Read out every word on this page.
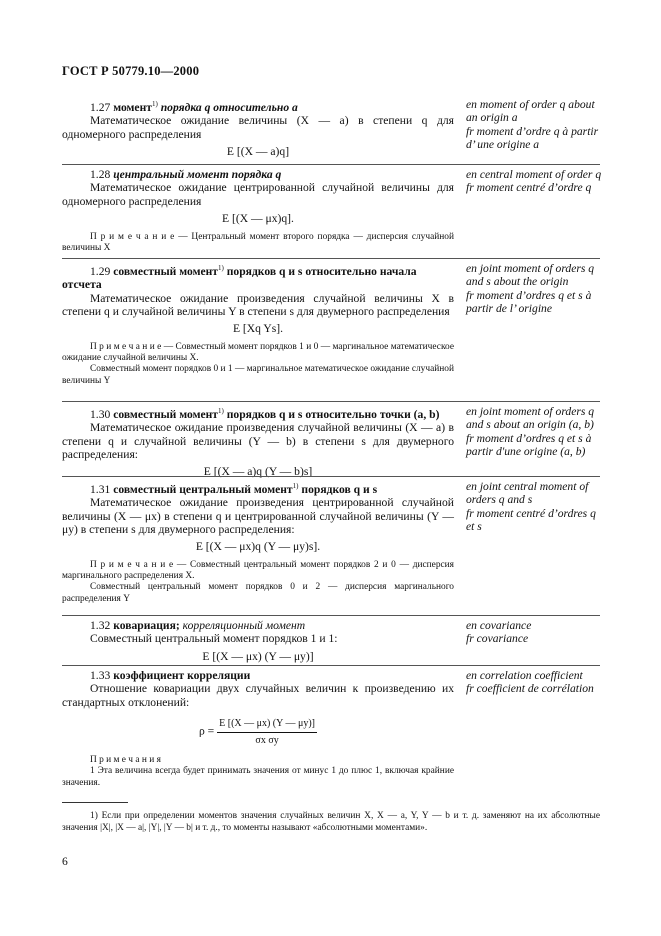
ГОСТ Р 50779.10—2000

1.27 момент$^{1)}$ порядка q относительно a

Математическое ожидание величины (X — a) в степени q для одномерного распределения

E [(X — a)q]

en moment of order q about an origin a
fr moment d’ordre q à partir d’ une origine a

1.28 центральный момент порядка q

Математическое ожидание центрированной случайной величины для одномерного распределения

E [(X — μx)q].

П р и м е ч а н и е — Центральный момент второго порядка — дисперсия случайной величины X

en central moment of order q
fr moment centré d’ordre q

1.29 совместный момент$^{1)}$ порядков q и s относительно начала отсчета

Математическое ожидание произведения случайной величины X в степени q и случайной величины Y в степени s для двумерного распределения

E [Xq Ys].

П р и м е ч а н и е — Совместный момент порядков 1 и 0 — маргинальное математическое ожидание случайной величины X.

Совместный момент порядков 0 и 1 — маргинальное математическое ожидание случайной величины Y

en joint moment of orders q and s about the origin
fr moment d’ordres q et s à partir de l’ origine

1.30 совместный момент$^{1)}$ порядков q и s относительно точки (a, b)

Математическое ожидание произведения случайной величины (X — a) в степени q и случайной величины (Y — b) в степени s для двумерного распределения:

E [(X — a)q (Y — b)s]

en joint moment of orders q and s about an origin (a, b)
fr moment d’ordres q et s à partir d'une origine (a, b)

1.31 совместный центральный момент$^{1)}$ порядков q и s

Математическое ожидание произведения центрированной случайной величины (X — μx) в степени q и центрированной случайной величины (Y — μy) в степени s для двумерного распределения:

E [(X — μx)q (Y — μy)s].

П р и м е ч а н и е — Совместный центральный момент порядков 2 и 0 — дисперсия маргинального распределения X.

Совместный центральный момент порядков 0 и 2 — дисперсия маргинального распределения Y

en joint central moment of orders q and s
fr moment centré d’ordres q et s

1.32 ковариация; корреляционный момент

Совместный центральный момент порядков 1 и 1:

E [(X — μx) (Y — μy)]

en covariance
fr covariance

1.33 коэффициент корреляции

Отношение ковариации двух случайных величин к произведению их стандартных отклонений:

$\rho = \frac{E [(X — \mu x) (Y — \mu y)]}{\text{σx σy}}$

П р и м е ч а н и я

1 Эта величина всегда будет принимать значения от минус 1 до плюс 1, включая крайние значения.

en correlation coefficient
fr coefficient de corrélation
1) Если при определении моментов значения случайных величин X, X — a, Y, Y — b и т. д. заменяют на их абсолютные значения |X|, |X — a|, |Y|, |Y — b| и т. д., то моменты называют «абсолютными моментами».
6
